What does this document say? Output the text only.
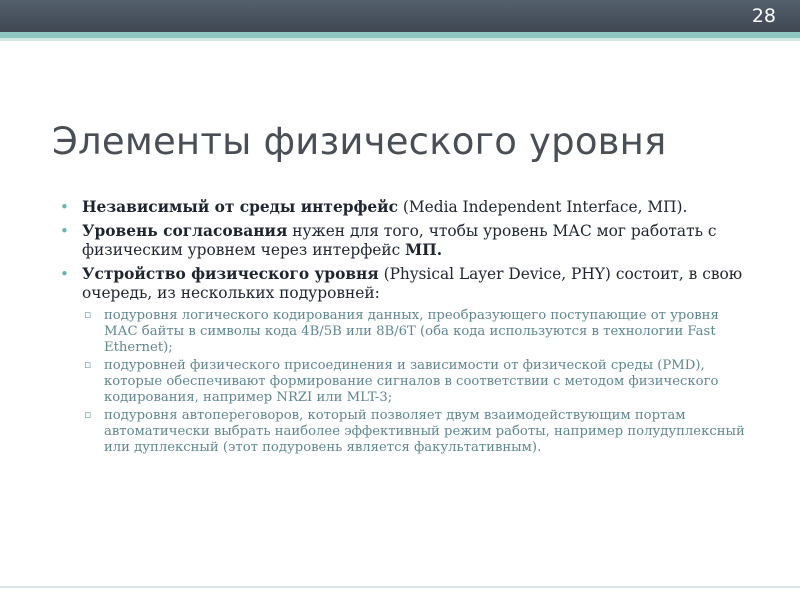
28
Элементы физического уровня
• Независимый от среды интерфейс (Media Independent Interface, МП).
• Уровень согласования нужен для того, чтобы уровень МАС мог работать с физическим уровнем через интерфейс МП.
• Устройство физического уровня (Physical Layer Device, PHY) состоит, в свою очередь, из нескольких подуровней:
▫ подуровня логического кодирования данных, преобразующего поступающие от уровня МАС байты в символы кода 4В/5В или 8В/6Т (оба кода используются в технологии Fast Ethernet);
▫ подуровней физического присоединения и зависимости от физической среды (PMD), которые обеспечивают формирование сигналов в соответствии с методом физического кодирования, например NRZI или MLT-3;
▫ подуровня автопереговоров, который позволяет двум взаимодействующим портам автоматически выбрать наиболее эффективный режим работы, например полудуплексный или дуплексный (этот подуровень является факультативным).
